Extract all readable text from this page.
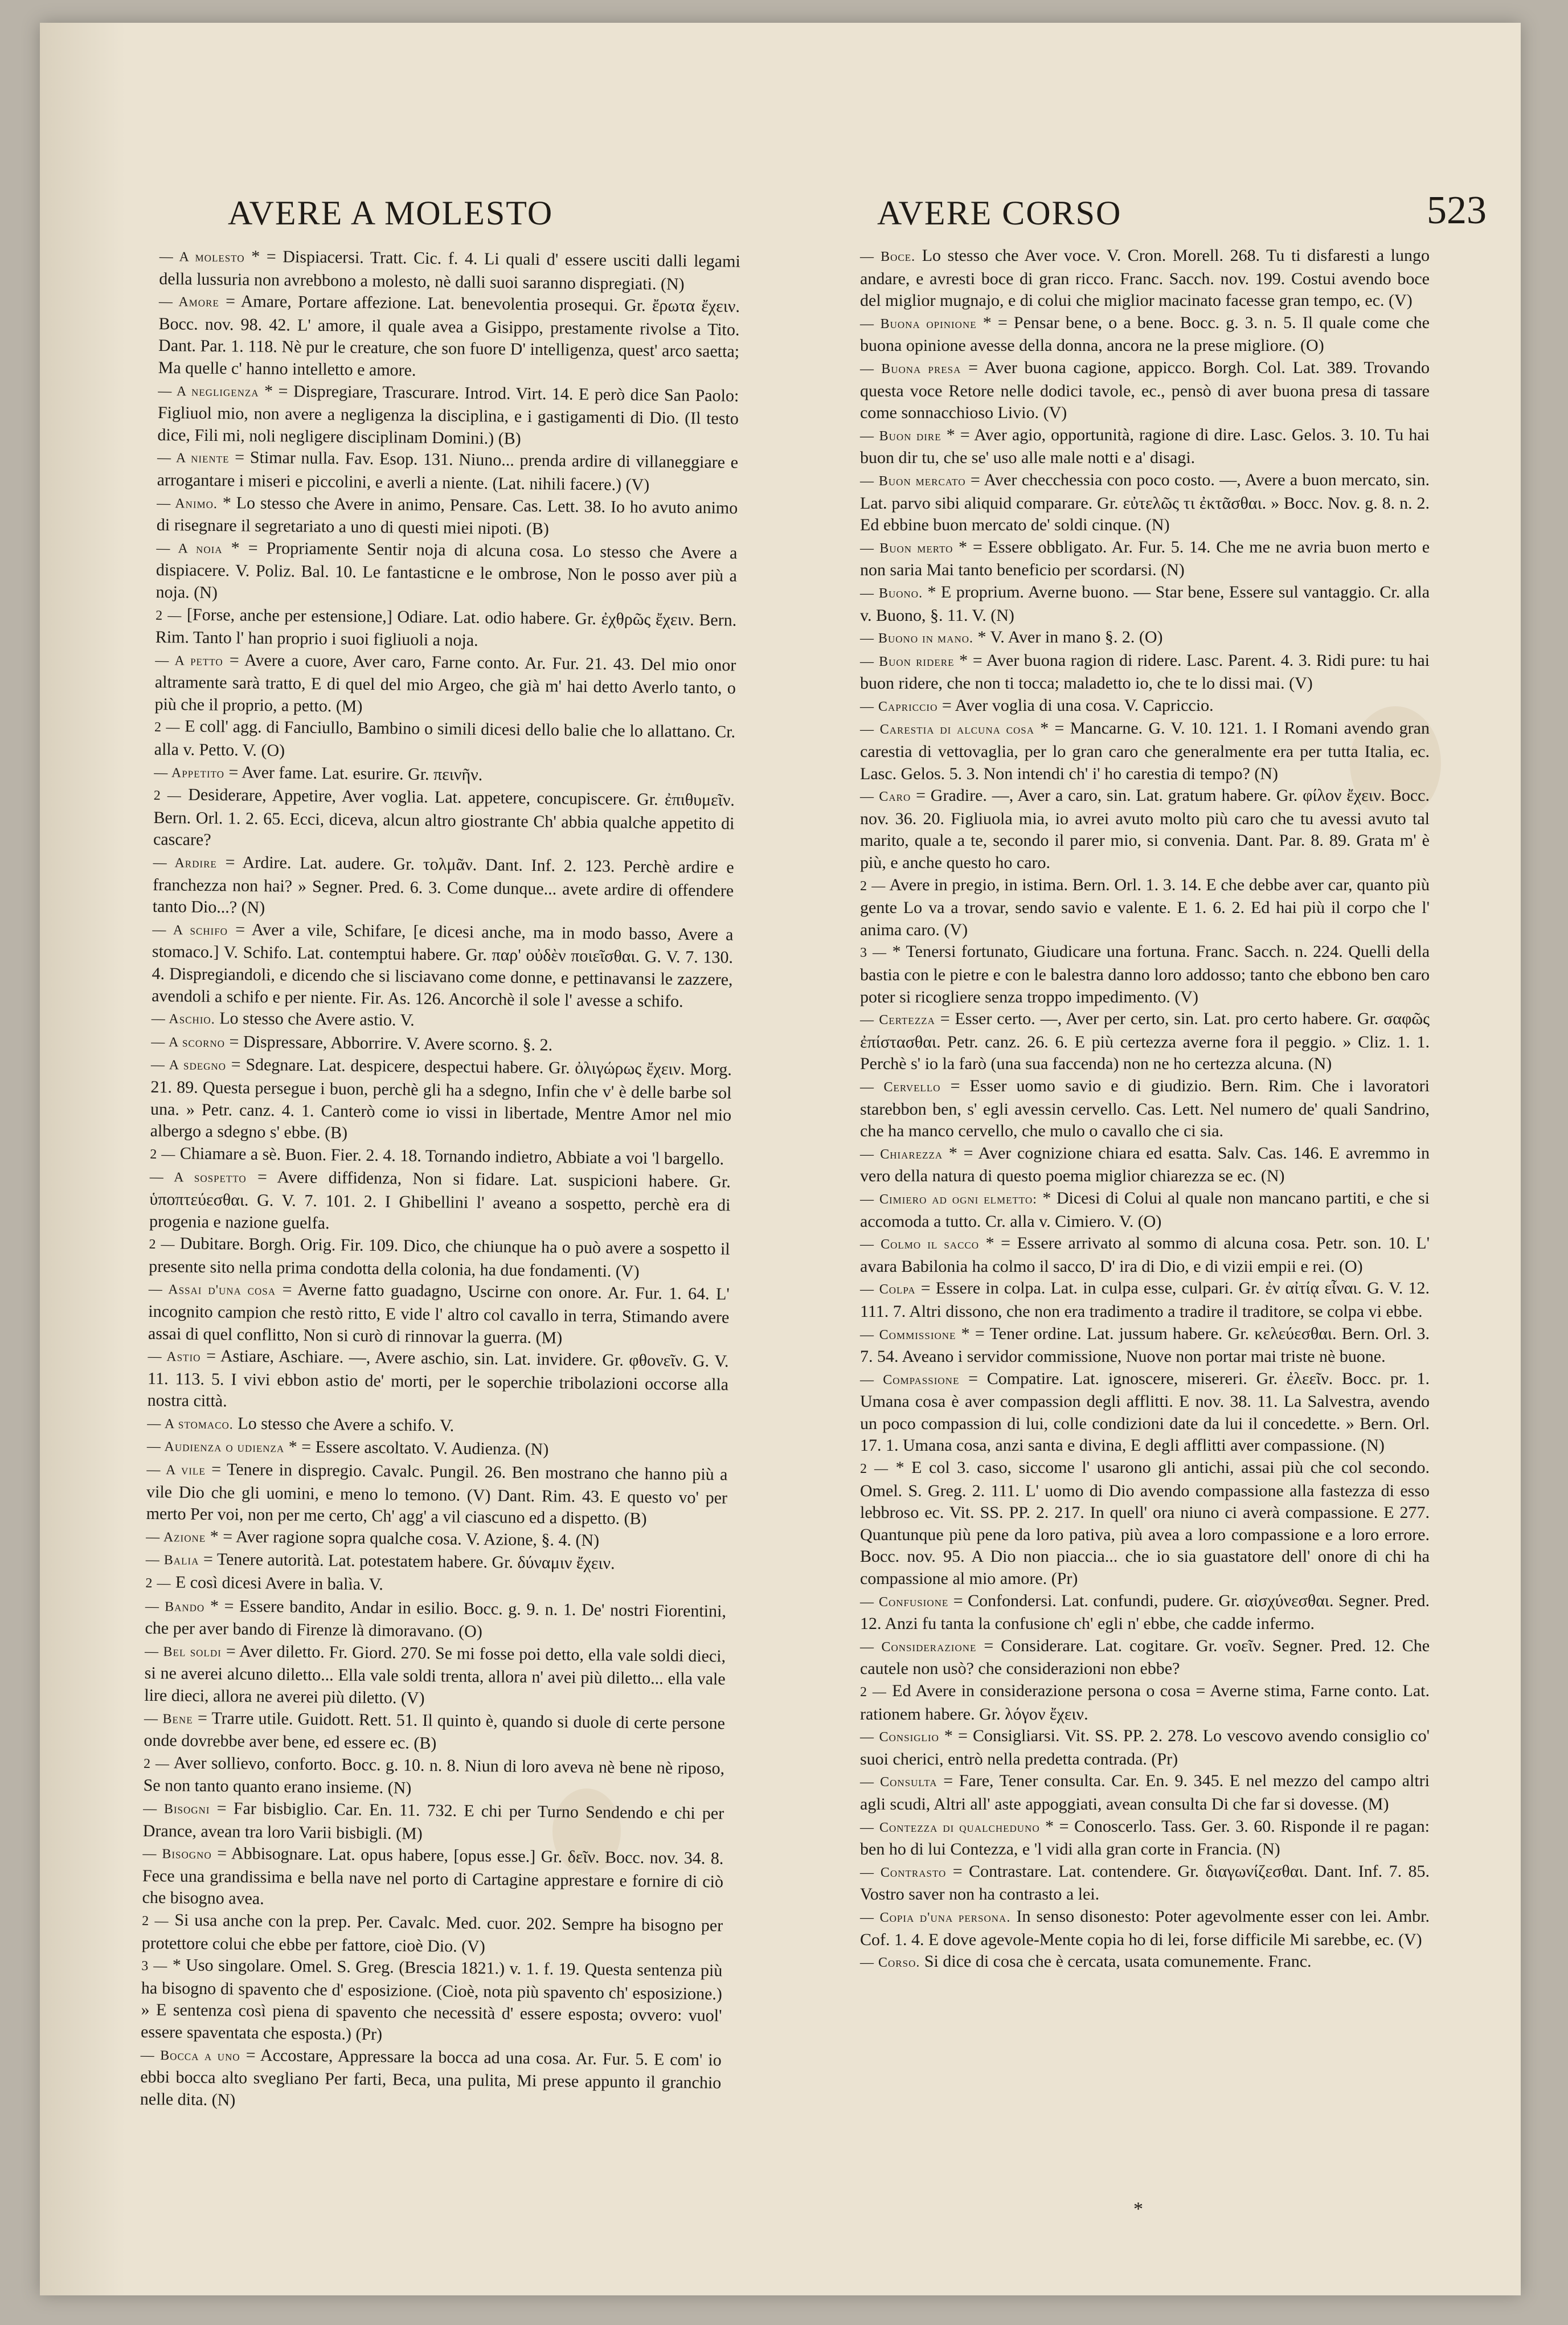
AVERE A MOLESTO	AVERE CORSO	523

— A molesto * = Dispiacersi. Tratt. Cic. f. 4. Li quali d' essere usciti dalli legami della lussuria non avrebbono a molesto, nè dalli suoi saranno dispregiati. (N)

— Amore = Amare, Portare affezione. Lat. benevolentia prosequi. Gr. ἔρωτα ἔχειν. Bocc. nov. 98. 42. L' amore, il quale avea a Gisippo, prestamente rivolse a Tito. Dant. Par. 1. 118. Nè pur le creature, che son fuore D' intelligenza, quest' arco saetta; Ma quelle c' hanno intelletto e amore.

— A negligenza * = Dispregiare, Trascurare. Introd. Virt. 14. E però dice San Paolo: Figliuol mio, non avere a negligenza la disciplina, e i gastigamenti di Dio. (Il testo dice, Fili mi, noli negligere disciplinam Domini.) (B)

— A niente = Stimar nulla. Fav. Esop. 131. Niuno... prenda ardire di villaneggiare e arrogantare i miseri e piccolini, e averli a niente. (Lat. nihili facere.) (V)

— Animo. * Lo stesso che Avere in animo, Pensare. Cas. Lett. 38. Io ho avuto animo di risegnare il segretariato a uno di questi miei nipoti. (B)

— A noia * = Propriamente Sentir noja di alcuna cosa. Lo stesso che Avere a dispiacere. V. Poliz. Bal. 10. Le fantasticne e le ombrose, Non le posso aver più a noja. (N)

2 — [Forse, anche per estensione,] Odiare. Lat. odio habere. Gr. ἐχθρῶς ἔχειν. Bern. Rim. Tanto l' han proprio i suoi figliuoli a noja.

— A petto = Avere a cuore, Aver caro, Farne conto. Ar. Fur. 21. 43. Del mio onor altramente sarà tratto, E di quel del mio Argeo, che già m' hai detto Averlo tanto, o più che il proprio, a petto. (M)

2 — E coll' agg. di Fanciullo, Bambino o simili dicesi dello balie che lo allattano. Cr. alla v. Petto. V. (O)

— Appetito = Aver fame. Lat. esurire. Gr. πεινῆν.

2 — Desiderare, Appetire, Aver voglia. Lat. appetere, concupiscere. Gr. ἐπιθυμεῖν. Bern. Orl. 1. 2. 65. Ecci, diceva, alcun altro giostrante Ch' abbia qualche appetito di cascare?

— Ardire = Ardire. Lat. audere. Gr. τολμᾶν. Dant. Inf. 2. 123. Perchè ardire e franchezza non hai? » Segner. Pred. 6. 3. Come dunque... avete ardire di offendere tanto Dio...? (N)

— A schifo = Aver a vile, Schifare, [e dicesi anche, ma in modo basso, Avere a stomaco.] V. Schifo. Lat. contemptui habere. Gr. παρ' οὐδὲν ποιεῖσθαι. G. V. 7. 130. 4. Dispregiandoli, e dicendo che si lisciavano come donne, e pettinavansi le zazzere, avendoli a schifo e per niente. Fir. As. 126. Ancorchè il sole l' avesse a schifo.

— Aschio. Lo stesso che Avere astio. V.

— A scorno = Dispressare, Abborrire. V. Avere scorno. §. 2.

— A sdegno = Sdegnare. Lat. despicere, despectui habere. Gr. ὀλιγώρως ἔχειν. Morg. 21. 89. Questa persegue i buon, perchè gli ha a sdegno, Infin che v' è delle barbe sol una. » Petr. canz. 4. 1. Canterò come io vissi in libertade, Mentre Amor nel mio albergo a sdegno s' ebbe. (B)

2 — Chiamare a sè. Buon. Fier. 2. 4. 18. Tornando indietro, Abbiate a voi 'l bargello.

— A sospetto = Avere diffidenza, Non si fidare. Lat. suspicioni habere. Gr. ὑποπτεύεσθαι. G. V. 7. 101. 2. I Ghibellini l' aveano a sospetto, perchè era di progenia e nazione guelfa.

2 — Dubitare. Borgh. Orig. Fir. 109. Dico, che chiunque ha o può avere a sospetto il presente sito nella prima condotta della colonia, ha due fondamenti. (V)

— Assai d'una cosa = Averne fatto guadagno, Uscirne con onore. Ar. Fur. 1. 64. L' incognito campion che restò ritto, E vide l' altro col cavallo in terra, Stimando avere assai di quel conflitto, Non si curò di rinnovar la guerra. (M)

— Astio = Astiare, Aschiare. —, Avere aschio, sin. Lat. invidere. Gr. φθονεῖν. G. V. 11. 113. 5. I vivi ebbon astio de' morti, per le soperchie tribolazioni occorse alla nostra città.

— A stomaco. Lo stesso che Avere a schifo. V.

— Audienza o udienza * = Essere ascoltato. V. Audienza. (N)

— A vile = Tenere in dispregio. Cavalc. Pungil. 26. Ben mostrano che hanno più a vile Dio che gli uomini, e meno lo temono. (V) Dant. Rim. 43. E questo vo' per merto Per voi, non per me certo, Ch' agg' a vil ciascuno ed a dispetto. (B)

— Azione * = Aver ragione sopra qualche cosa. V. Azione, §. 4. (N)

— Balia = Tenere autorità. Lat. potestatem habere. Gr. δύναμιν ἔχειν.

2 — E così dicesi Avere in balìa. V.

— Bando * = Essere bandito, Andar in esilio. Bocc. g. 9. n. 1. De' nostri Fiorentini, che per aver bando di Firenze là dimoravano. (O)

— Bel soldi = Aver diletto. Fr. Giord. 270. Se mi fosse poi detto, ella vale soldi dieci, si ne averei alcuno diletto... Ella vale soldi trenta, allora n' avei più diletto... ella vale lire dieci, allora ne averei più diletto. (V)

— Bene = Trarre utile. Guidott. Rett. 51. Il quinto è, quando si duole di certe persone onde dovrebbe aver bene, ed essere ec. (B)

2 — Aver sollievo, conforto. Bocc. g. 10. n. 8. Niun di loro aveva nè bene nè riposo, Se non tanto quanto erano insieme. (N)

— Bisogni = Far bisbiglio. Car. En. 11. 732. E chi per Turno Sendendo e chi per Drance, avean tra loro Varii bisbigli. (M)

— Bisogno = Abbisognare. Lat. opus habere, [opus esse.] Gr. δεῖν. Bocc. nov. 34. 8. Fece una grandissima e bella nave nel porto di Cartagine apprestare e fornire di ciò che bisogno avea.

2 — Si usa anche con la prep. Per. Cavalc. Med. cuor. 202. Sempre ha bisogno per protettore colui che ebbe per fattore, cioè Dio. (V)

3 — * Uso singolare. Omel. S. Greg. (Brescia 1821.) v. 1. f. 19. Questa sentenza più ha bisogno di spavento che d' esposizione. (Cioè, nota più spavento ch' esposizione.) » E sentenza così piena di spavento che necessità d' essere esposta; ovvero: vuol' essere spaventata che esposta.) (Pr)

— Bocca a uno = Accostare, Appressare la bocca ad una cosa. Ar. Fur. 5. E com' io ebbi bocca alto svegliano Per farti, Beca, una pulita, Mi prese appunto il granchio nelle dita. (N)

— Boce. Lo stesso che Aver voce. V. Cron. Morell. 268. Tu ti disfaresti a lungo andare, e avresti boce di gran ricco. Franc. Sacch. nov. 199. Costui avendo boce del miglior mugnajo, e di colui che miglior macinato facesse gran tempo, ec. (V)

— Buona opinione * = Pensar bene, o a bene. Bocc. g. 3. n. 5. Il quale come che buona opinione avesse della donna, ancora ne la prese migliore. (O)

— Buona presa = Aver buona cagione, appicco. Borgh. Col. Lat. 389. Trovando questa voce Retore nelle dodici tavole, ec., pensò di aver buona presa di tassare come sonnacchioso Livio. (V)

— Buon dire * = Aver agio, opportunità, ragione di dire. Lasc. Gelos. 3. 10. Tu hai buon dir tu, che se' uso alle male notti e a' disagi.

— Buon mercato = Aver checchessia con poco costo. —, Avere a buon mercato, sin. Lat. parvo sibi aliquid comparare. Gr. εὐτελῶς τι ἐκτᾶσθαι. » Bocc. Nov. g. 8. n. 2. Ed ebbine buon mercato de' soldi cinque. (N)

— Buon merto * = Essere obbligato. Ar. Fur. 5. 14. Che me ne avria buon merto e non saria Mai tanto beneficio per scordarsi. (N)

— Buono. * E proprium. Averne buono. — Star bene, Essere sul vantaggio. Cr. alla v. Buono, §. 11. V. (N)

— Buono in mano. * V. Aver in mano §. 2. (O)

— Buon ridere * = Aver buona ragion di ridere. Lasc. Parent. 4. 3. Ridi pure: tu hai buon ridere, che non ti tocca; maladetto io, che te lo dissi mai. (V)

— Capriccio = Aver voglia di una cosa. V. Capriccio.

— Carestia di alcuna cosa * = Mancarne. G. V. 10. 121. 1. I Romani avendo gran carestia di vettovaglia, per lo gran caro che generalmente era per tutta Italia, ec. Lasc. Gelos. 5. 3. Non intendi ch' i' ho carestia di tempo? (N)

— Caro = Gradire. —, Aver a caro, sin. Lat. gratum habere. Gr. φίλον ἔχειν. Bocc. nov. 36. 20. Figliuola mia, io avrei avuto molto più caro che tu avessi avuto tal marito, quale a te, secondo il parer mio, si convenia. Dant. Par. 8. 89. Grata m' è più, e anche questo ho caro.

2 — Avere in pregio, in istima. Bern. Orl. 1. 3. 14. E che debbe aver car, quanto più gente Lo va a trovar, sendo savio e valente. E 1. 6. 2. Ed hai più il corpo che l' anima caro. (V)

3 — * Tenersi fortunato, Giudicare una fortuna. Franc. Sacch. n. 224. Quelli della bastia con le pietre e con le balestra danno loro addosso; tanto che ebbono ben caro poter si ricogliere senza troppo impedimento. (V)

— Certezza = Esser certo. —, Aver per certo, sin. Lat. pro certo habere. Gr. σαφῶς ἐπίστασθαι. Petr. canz. 26. 6. E più certezza averne fora il peggio. » Cliz. 1. 1. Perchè s' io la farò (una sua faccenda) non ne ho certezza alcuna. (N)

— Cervello = Esser uomo savio e di giudizio. Bern. Rim. Che i lavoratori starebbon ben, s' egli avessin cervello. Cas. Lett. Nel numero de' quali Sandrino, che ha manco cervello, che mulo o cavallo che ci sia.

— Chiarezza * = Aver cognizione chiara ed esatta. Salv. Cas. 146. E avremmo in vero della natura di questo poema miglior chiarezza se ec. (N)

— Cimiero ad ogni elmetto: * Dicesi di Colui al quale non mancano partiti, e che si accomoda a tutto. Cr. alla v. Cimiero. V. (O)

— Colmo il sacco * = Essere arrivato al sommo di alcuna cosa. Petr. son. 10. L' avara Babilonia ha colmo il sacco, D' ira di Dio, e di vizii empii e rei. (O)

— Colpa = Essere in colpa. Lat. in culpa esse, culpari. Gr. ἐν αἰτίᾳ εἶναι. G. V. 12. 111. 7. Altri dissono, che non era tradimento a tradire il traditore, se colpa vi ebbe.

— Commissione * = Tener ordine. Lat. jussum habere. Gr. κελεύεσθαι. Bern. Orl. 3. 7. 54. Aveano i servidor commissione, Nuove non portar mai triste nè buone.

— Compassione = Compatire. Lat. ignoscere, misereri. Gr. ἐλεεῖν. Bocc. pr. 1. Umana cosa è aver compassion degli afflitti. E nov. 38. 11. La Salvestra, avendo un poco compassion di lui, colle condizioni date da lui il concedette. » Bern. Orl. 17. 1. Umana cosa, anzi santa e divina, E degli afflitti aver compassione. (N)

2 — * E col 3. caso, siccome l' usarono gli antichi, assai più che col secondo. Omel. S. Greg. 2. 111. L' uomo di Dio avendo compassione alla fastezza di esso lebbroso ec. Vit. SS. PP. 2. 217. In quell' ora niuno ci averà compassione. E 277. Quantunque più pene da loro pativa, più avea a loro compassione e a loro errore. Bocc. nov. 95. A Dio non piaccia... che io sia guastatore dell' onore di chi ha compassione al mio amore. (Pr)

— Confusione = Confondersi. Lat. confundi, pudere. Gr. αἰσχύνεσθαι. Segner. Pred. 12. Anzi fu tanta la confusione ch' egli n' ebbe, che cadde infermo.

— Considerazione = Considerare. Lat. cogitare. Gr. νοεῖν. Segner. Pred. 12. Che cautele non usò? che considerazioni non ebbe?

2 — Ed Avere in considerazione persona o cosa = Averne stima, Farne conto. Lat. rationem habere. Gr. λόγον ἔχειν.

— Consiglio * = Consigliarsi. Vit. SS. PP. 2. 278. Lo vescovo avendo consiglio co' suoi cherici, entrò nella predetta contrada. (Pr)

— Consulta = Fare, Tener consulta. Car. En. 9. 345. E nel mezzo del campo altri agli scudi, Altri all' aste appoggiati, avean consulta Di che far si dovesse. (M)

— Contezza di qualcheduno * = Conoscerlo. Tass. Ger. 3. 60. Risponde il re pagan: ben ho di lui Contezza, e 'l vidi alla gran corte in Francia. (N)

— Contrasto = Contrastare. Lat. contendere. Gr. διαγωνίζεσθαι. Dant. Inf. 7. 85. Vostro saver non ha contrasto a lei.

— Copia d'una persona. In senso disonesto: Poter agevolmente esser con lei. Ambr. Cof. 1. 4. E dove agevole-Mente copia ho di lei, forse difficile Mi sarebbe, ec. (V)

— Corso. Si dice di cosa che è cercata, usata comunemente. Franc.

*
